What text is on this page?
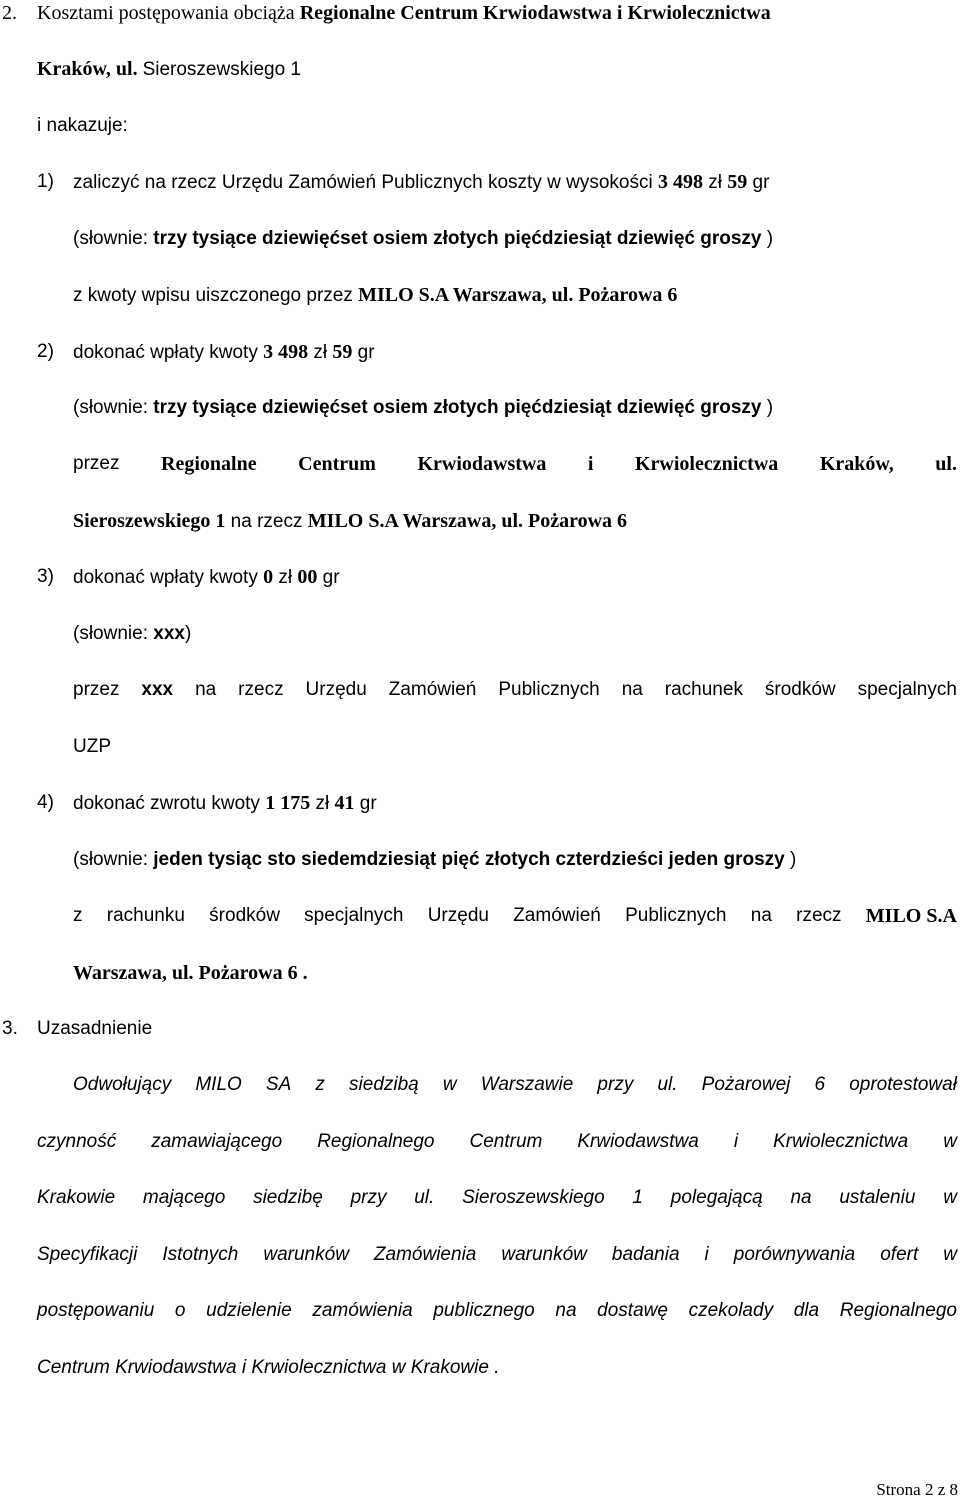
2. Kosztami postępowania obciąża Regionalne Centrum Krwiodawstwa i Krwiolecznictwa
Kraków, ul. Sieroszewskiego 1
i nakazuje:
1) zaliczyć na rzecz Urzędu Zamówień Publicznych koszty w wysokości 3 498 zł 59 gr
(słownie: trzy tysiące dziewięćset osiem złotych pięćdziesiąt dziewięć groszy )
z kwoty wpisu uiszczonego przez MILO S.A Warszawa, ul. Pożarowa 6
2) dokonać wpłaty kwoty 3 498 zł 59 gr
(słownie: trzy tysiące dziewięćset osiem złotych pięćdziesiąt dziewięć groszy )
przez Regionalne Centrum Krwiodawstwa i Krwiolecznictwa Kraków, ul.
Sieroszewskiego 1 na rzecz MILO S.A Warszawa, ul. Pożarowa 6
3) dokonać wpłaty kwoty 0 zł 00 gr
(słownie: xxx)
przez xxx na rzecz Urzędu Zamówień Publicznych na rachunek środków specjalnych
UZP
4) dokonać zwrotu kwoty 1 175 zł 41 gr
(słownie: jeden tysiąc sto siedemdziesiąt pięć złotych czterdzieści jeden groszy )
z rachunku środków specjalnych Urzędu Zamówień Publicznych na rzecz MILO S.A
Warszawa, ul. Pożarowa 6 .
3. Uzasadnienie
Odwołujący MILO SA z siedzibą w Warszawie przy ul. Pożarowej 6 oprotestował
czynność zamawiającego Regionalnego Centrum Krwiodawstwa i Krwiolecznictwa w
Krakowie mającego siedzibę przy ul. Sieroszewskiego 1 polegającą na ustaleniu w
Specyfikacji Istotnych warunków Zamówienia warunków badania i porównywania ofert w
postępowaniu o udzielenie zamówienia publicznego na dostawę czekolady dla Regionalnego
Centrum Krwiodawstwa i Krwiolecznictwa w Krakowie .
Strona 2 z 8
